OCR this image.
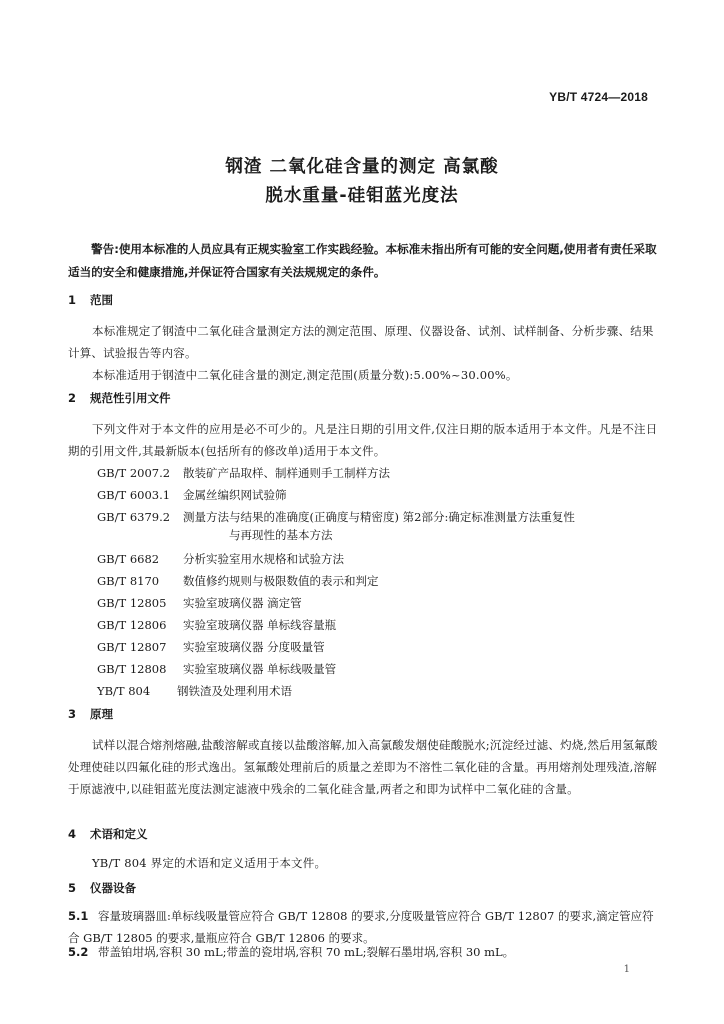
YB/T 4724—2018
钢渣 二氧化硅含量的测定 高氯酸
脱水重量-硅钼蓝光度法
警告:使用本标准的人员应具有正规实验室工作实践经验。本标准未指出所有可能的安全问题,使用者有责任采取适当的安全和健康措施,并保证符合国家有关法规规定的条件。
1 范围
本标准规定了钢渣中二氧化硅含量测定方法的测定范围、原理、仪器设备、试剂、试样制备、分析步骤、结果计算、试验报告等内容。
本标准适用于钢渣中二氧化硅含量的测定,测定范围(质量分数):5.00%~30.00%。
2 规范性引用文件
下列文件对于本文件的应用是必不可少的。凡是注日期的引用文件,仅注日期的版本适用于本文件。凡是不注日期的引用文件,其最新版本(包括所有的修改单)适用于本文件。
GB/T 2007.2 散装矿产品取样、制样通则手工制样方法
GB/T 6003.1 金属丝编织网试验筛
GB/T 6379.2 测量方法与结果的准确度(正确度与精密度) 第2部分:确定标准测量方法重复性
与再现性的基本方法
GB/T 6682 分析实验室用水规格和试验方法
GB/T 8170 数值修约规则与极限数值的表示和判定
GB/T 12805 实验室玻璃仪器 滴定管
GB/T 12806 实验室玻璃仪器 单标线容量瓶
GB/T 12807 实验室玻璃仪器 分度吸量管
GB/T 12808 实验室玻璃仪器 单标线吸量管
YB/T 804 钢铁渣及处理利用术语
3 原理
试样以混合熔剂熔融,盐酸溶解或直接以盐酸溶解,加入高氯酸发烟使硅酸脱水;沉淀经过滤、灼烧,然后用氢氟酸处理使硅以四氟化硅的形式逸出。氢氟酸处理前后的质量之差即为不溶性二氧化硅的含量。再用熔剂处理残渣,溶解于原滤液中,以硅钼蓝光度法测定滤液中残余的二氧化硅含量,两者之和即为试样中二氧化硅的含量。
4 术语和定义
YB/T 804 界定的术语和定义适用于本文件。
5 仪器设备
5.1 容量玻璃器皿:单标线吸量管应符合 GB/T 12808 的要求,分度吸量管应符合 GB/T 12807 的要求,滴定管应符合 GB/T 12805 的要求,量瓶应符合 GB/T 12806 的要求。
5.2 带盖铂坩埚,容积 30 mL;带盖的瓷坩埚,容积 70 mL;裂解石墨坩埚,容积 30 mL。
1
